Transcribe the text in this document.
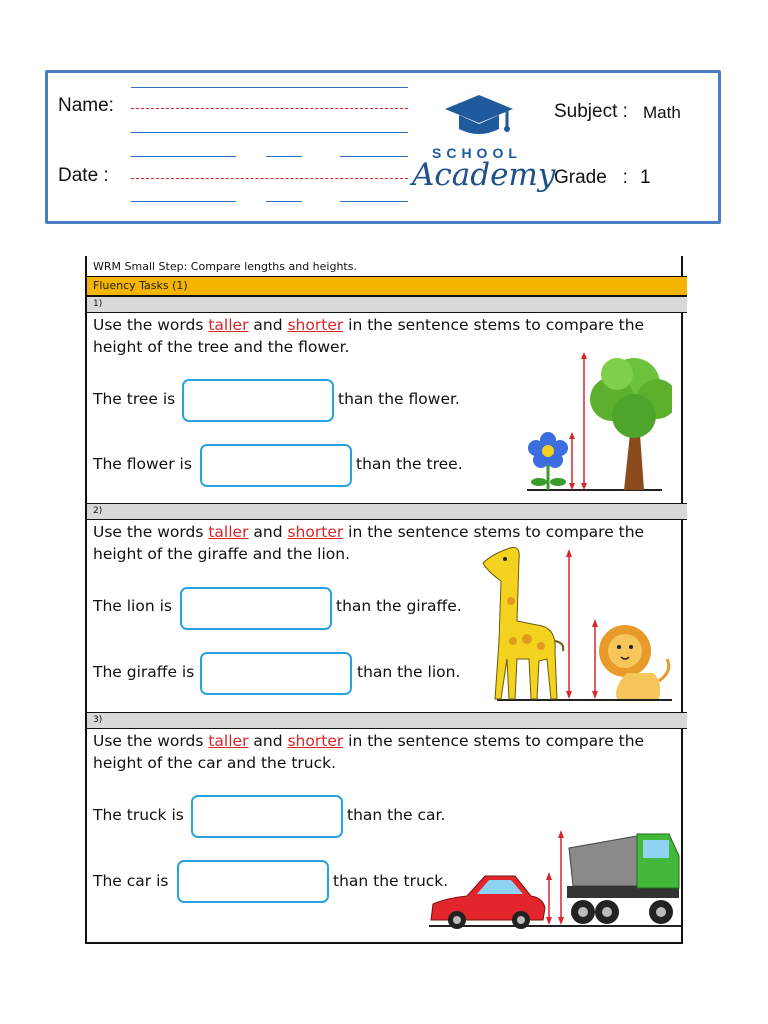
Name:
Date :
SCHOOL
Academy
Subject : Math
Grade   : 1
WRM Small Step: Compare lengths and heights.
Fluency Tasks (1)
1)
Use the words taller and shorter in the sentence stems to compare the height of the tree and the flower.
The tree is	than the flower.
The flower is	than the tree.
2)
Use the words taller and shorter in the sentence stems to compare the height of the giraffe and the lion.
The lion is	than the giraffe.
The giraffe is	than the lion.
3)
Use the words taller and shorter in the sentence stems to compare the height of the car and the truck.
The truck is	than the car.
The car is	than the truck.
